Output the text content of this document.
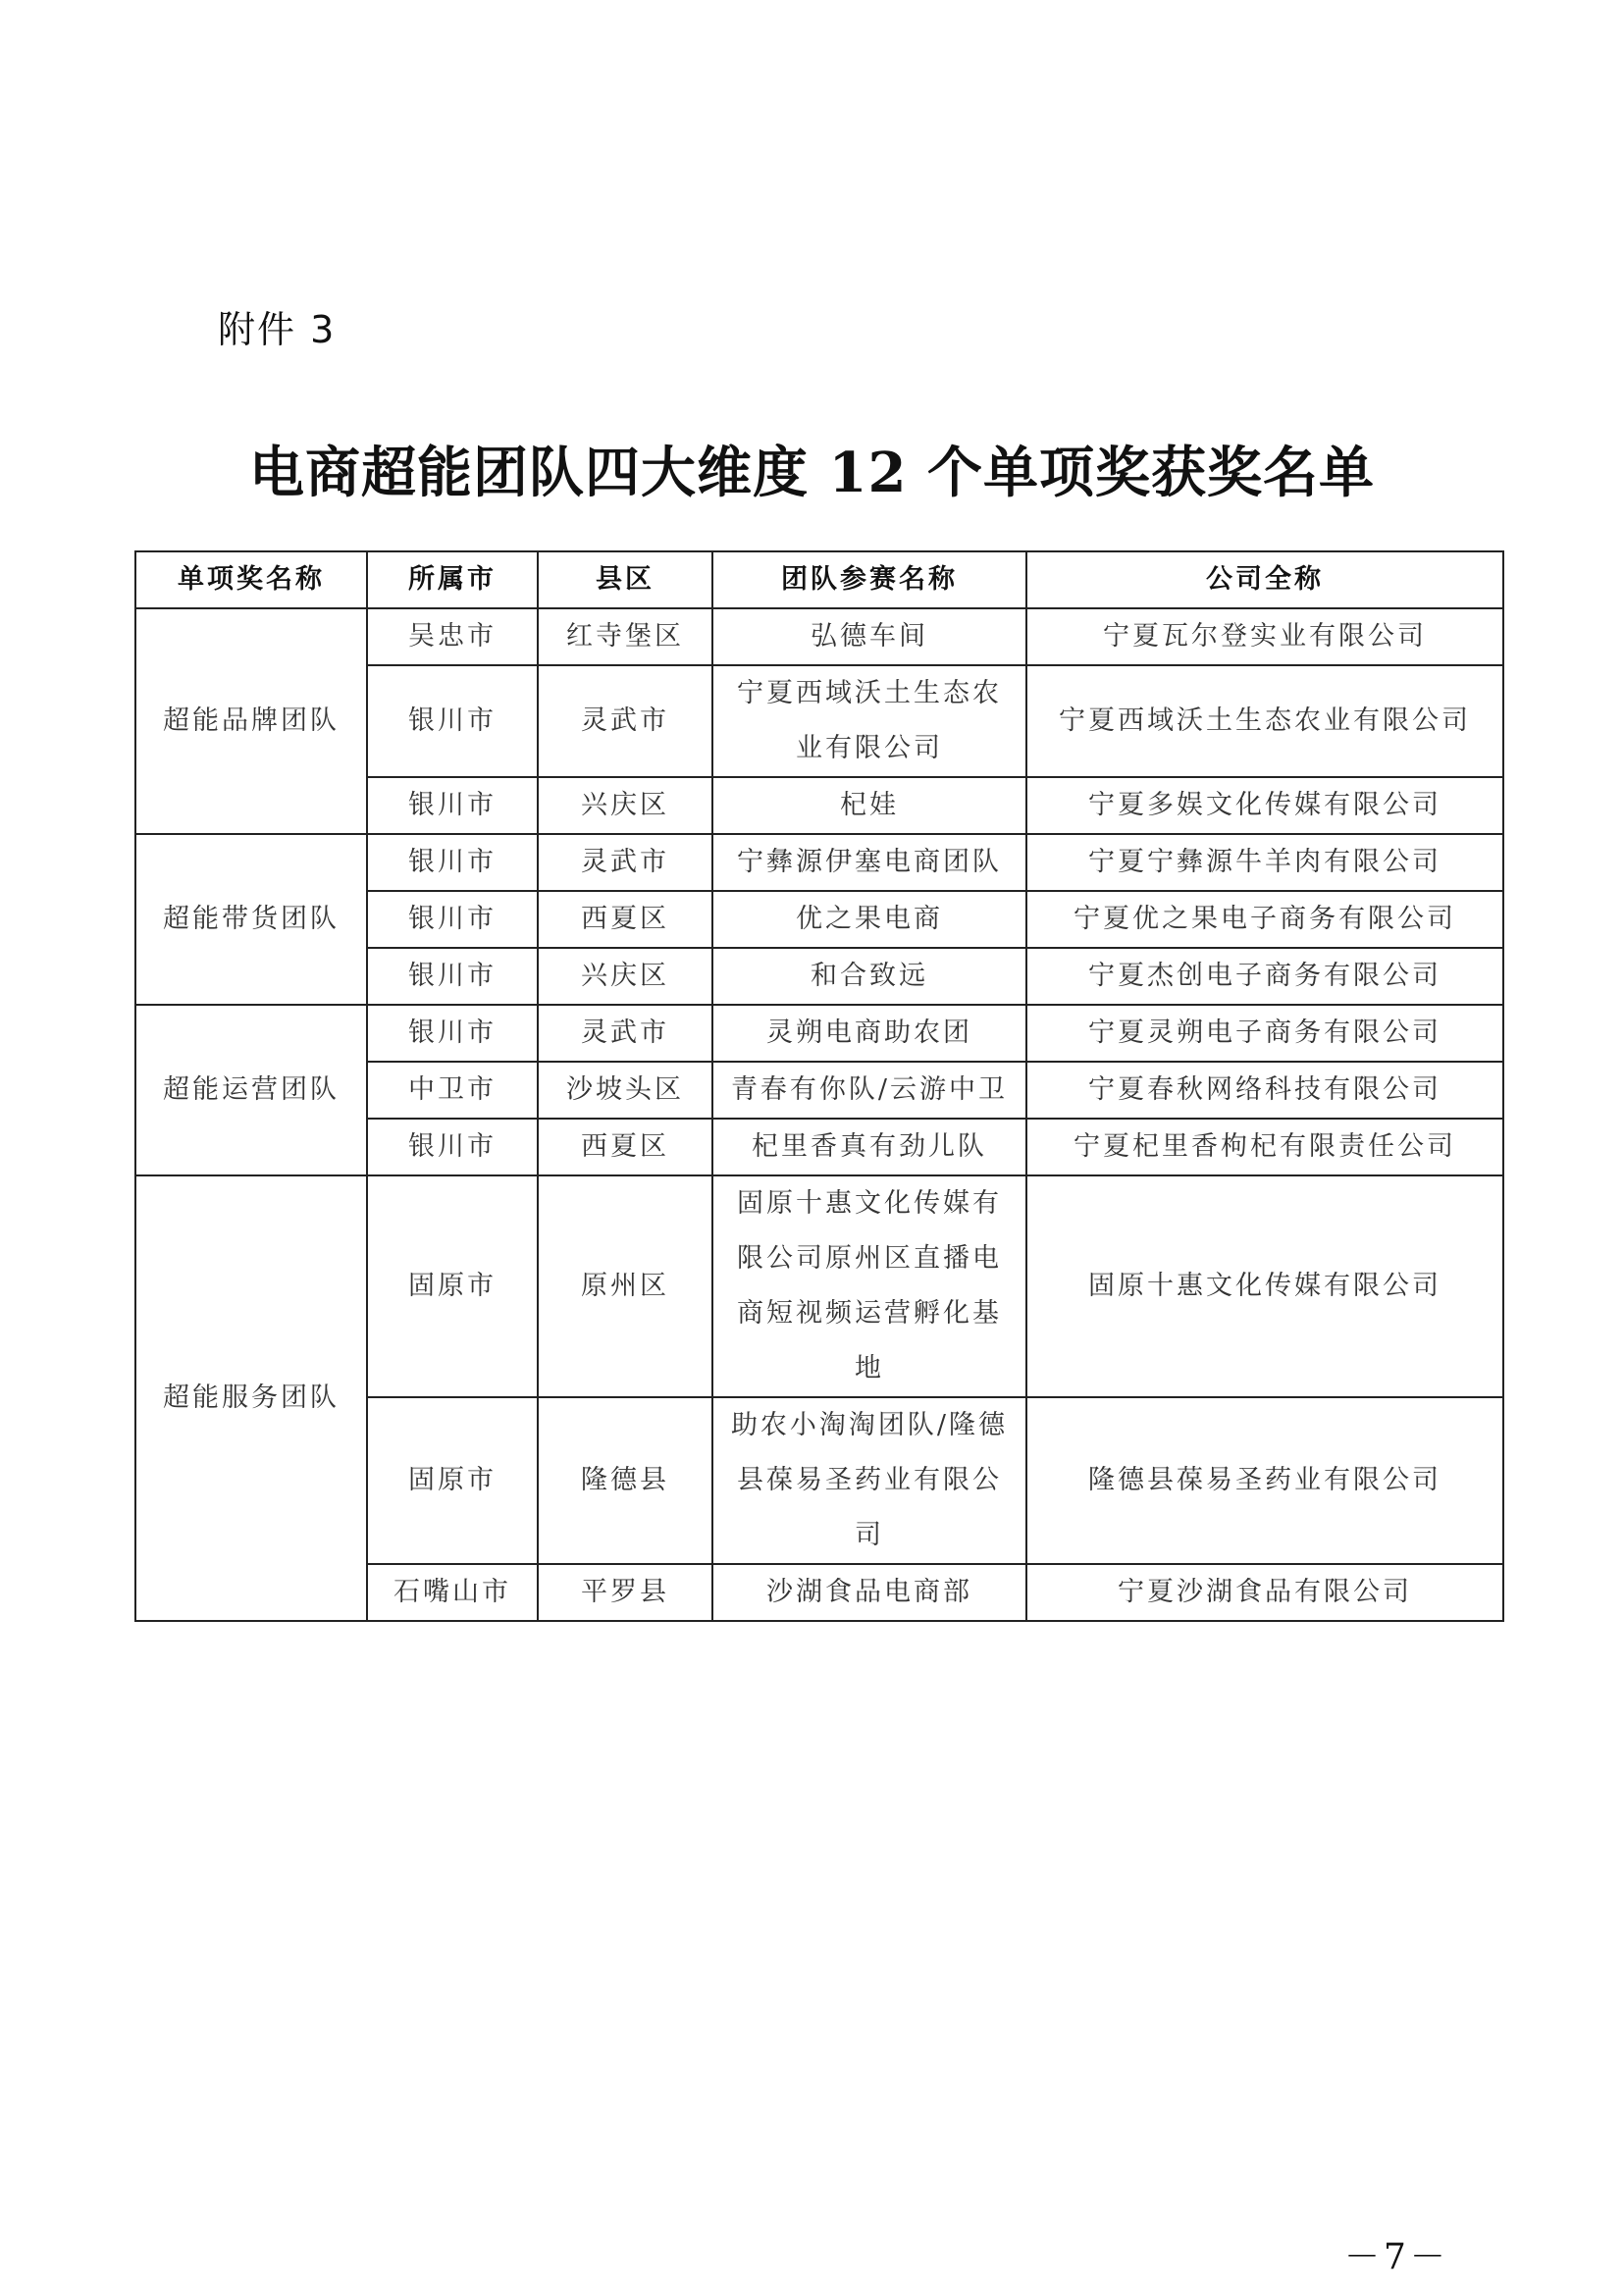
附件 3
电商超能团队四大维度 12 个单项奖获奖名单
单项奖名称	所属市	县区	团队参赛名称	公司全称
超能品牌团队	吴忠市	红寺堡区	弘德车间	宁夏瓦尔登实业有限公司
	银川市	灵武市	宁夏西域沃土生态农业有限公司	宁夏西域沃土生态农业有限公司
	银川市	兴庆区	杞娃	宁夏多娱文化传媒有限公司
超能带货团队	银川市	灵武市	宁彝源伊塞电商团队	宁夏宁彝源牛羊肉有限公司
	银川市	西夏区	优之果电商	宁夏优之果电子商务有限公司
	银川市	兴庆区	和合致远	宁夏杰创电子商务有限公司
超能运营团队	银川市	灵武市	灵朔电商助农团	宁夏灵朔电子商务有限公司
	中卫市	沙坡头区	青春有你队/云游中卫	宁夏春秋网络科技有限公司
	银川市	西夏区	杞里香真有劲儿队	宁夏杞里香枸杞有限责任公司
超能服务团队	固原市	原州区	固原十惠文化传媒有限公司原州区直播电商短视频运营孵化基地	固原十惠文化传媒有限公司
	固原市	隆德县	助农小淘淘团队/隆德县葆易圣药业有限公司	隆德县葆易圣药业有限公司
	石嘴山市	平罗县	沙湖食品电商部	宁夏沙湖食品有限公司
－7－
